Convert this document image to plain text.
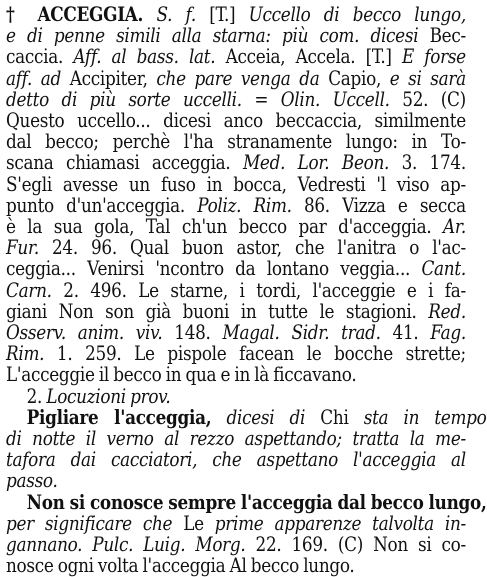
† ACCEGGIA. S. f. [T.] Uccello di becco lungo,
e di penne simili alla starna: più com. dicesi Bec-
caccia. Aff. al bass. lat. Acceia, Accela. [T.] E forse
aff. ad Accipiter, che pare venga da Capio, e si sarà
detto di più sorte uccelli. = Olin. Uccell. 52. (C)
Questo uccello... dicesi anco beccaccia, similmente
dal becco; perchè l'ha stranamente lungo: in To-
scana chiamasi acceggia. Med. Lor. Beon. 3. 174.
S'egli avesse un fuso in bocca, Vedresti 'l viso ap-
punto d'un'acceggia. Poliz. Rim. 86. Vizza e secca
è la sua gola, Tal ch'un becco par d'acceggia. Ar.
Fur. 24. 96. Qual buon astor, che l'anitra o l'ac-
ceggia... Venirsi 'ncontro da lontano veggia... Cant.
Carn. 2. 496. Le starne, i tordi, l'acceggie e i fa-
giani Non son già buoni in tutte le stagioni. Red.
Osserv. anim. viv. 148. Magal. Sidr. trad. 41. Fag.
Rim. 1. 259. Le pispole facean le bocche strette;
L'acceggie il becco in qua e in là ficcavano.
2. Locuzioni prov.
Pigliare l'acceggia, dicesi di Chi sta in tempo
di notte il verno al rezzo aspettando; tratta la me-
tafora dai cacciatori, che aspettano l'acceggia al
passo.
Non si conosce sempre l'acceggia dal becco lungo,
per significare che Le prime apparenze talvolta in-
gannano. Pulc. Luig. Morg. 22. 169. (C) Non si co-
nosce ogni volta l'acceggia Al becco lungo.
